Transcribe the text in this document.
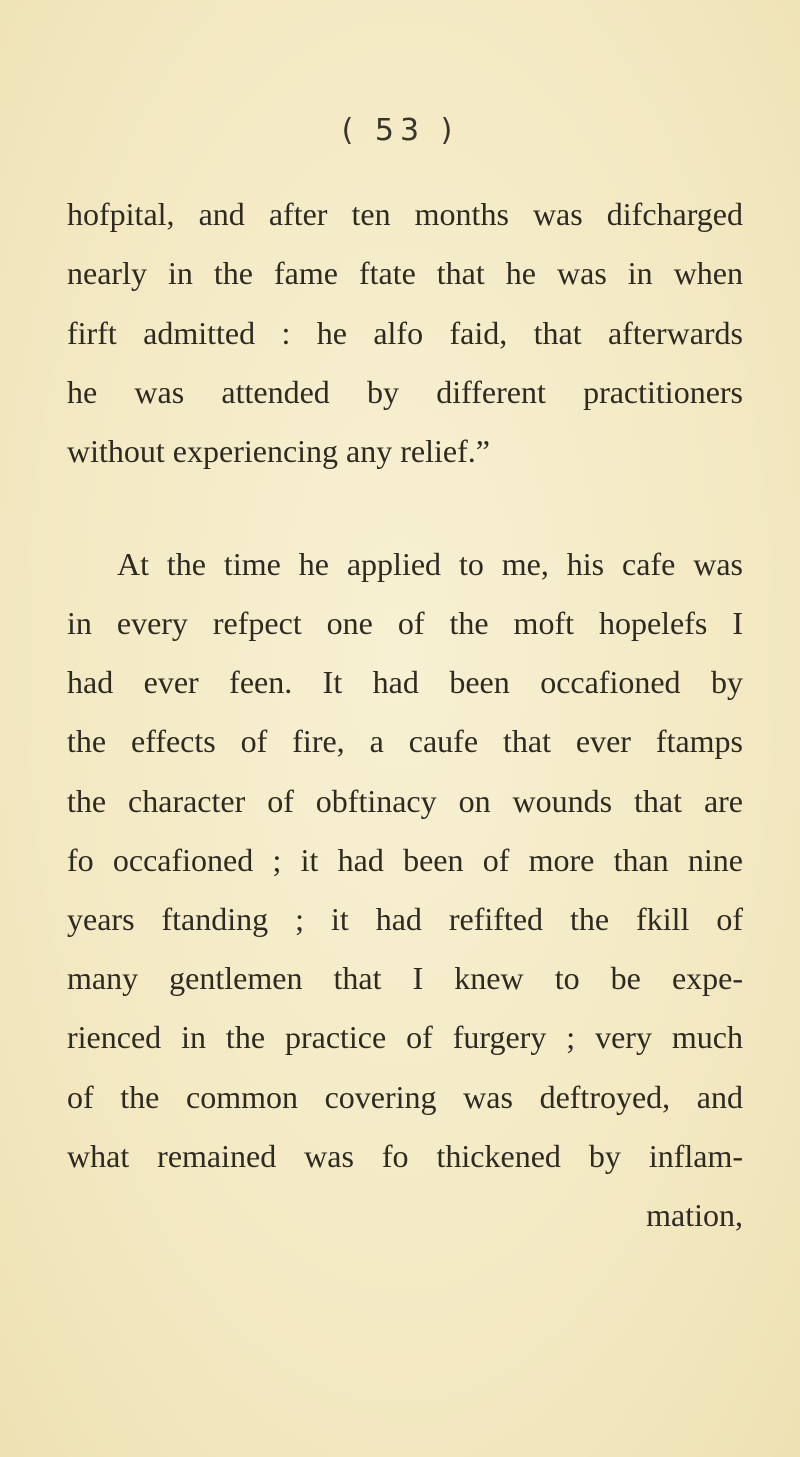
( 53 )
hofpital, and after ten months was difcharged
nearly in the fame ftate that he was in when
firft admitted : he alfo faid, that afterwards
he was attended by different practitioners
without experiencing any relief.”
At the time he applied to me, his cafe was
in every refpect one of the moft hopelefs I
had ever feen. It had been occafioned by
the effects of fire, a caufe that ever ftamps
the character of obftinacy on wounds that are
fo occafioned ; it had been of more than nine
years ftanding ; it had refifted the fkill of
many gentlemen that I knew to be expe-
rienced in the practice of furgery ; very much
of the common covering was deftroyed, and
what remained was fo thickened by inflam-
mation,
